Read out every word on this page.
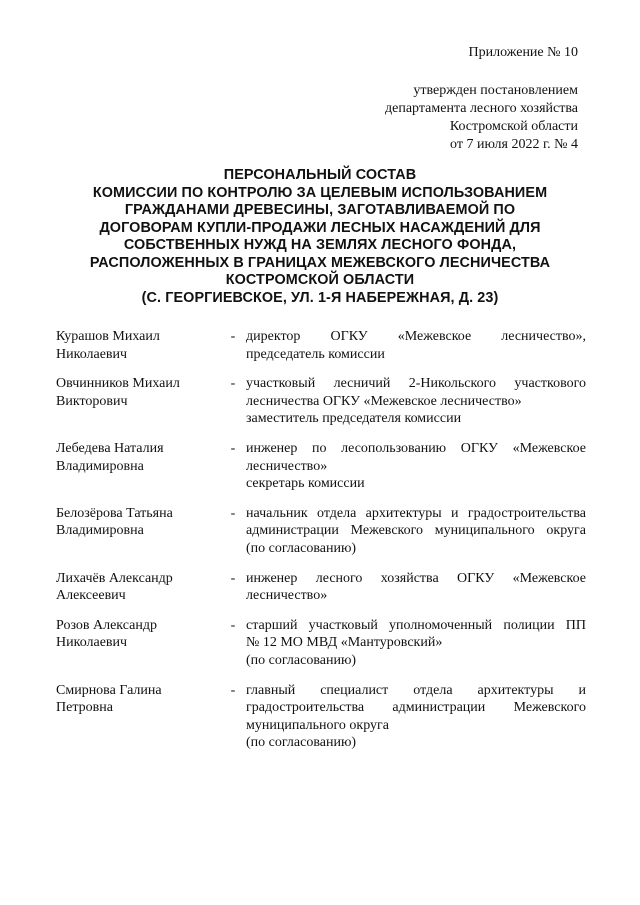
Приложение № 10
утвержден постановлением
департамента лесного хозяйства
Костромской области
от 7 июля 2022 г. № 4
ПЕРСОНАЛЬНЫЙ СОСТАВ
КОМИССИИ ПО КОНТРОЛЮ ЗА ЦЕЛЕВЫМ ИСПОЛЬЗОВАНИЕМ
ГРАЖДАНАМИ ДРЕВЕСИНЫ, ЗАГОТАВЛИВАЕМОЙ ПО
ДОГОВОРАМ КУПЛИ-ПРОДАЖИ ЛЕСНЫХ НАСАЖДЕНИЙ ДЛЯ
СОБСТВЕННЫХ НУЖД НА ЗЕМЛЯХ ЛЕСНОГО ФОНДА,
РАСПОЛОЖЕННЫХ В ГРАНИЦАХ МЕЖЕВСКОГО ЛЕСНИЧЕСТВА
КОСТРОМСКОЙ ОБЛАСТИ
(С. ГЕОРГИЕВСКОЕ, УЛ. 1-Я НАБЕРЕЖНАЯ, Д. 23)
Курашов Михаил
Николаевич
- директор ОГКУ «Межевское лесничество»,
председатель комиссии
Овчинников Михаил
Викторович
- участковый лесничий 2-Никольского участкового
лесничества ОГКУ «Межевское лесничество»
заместитель председателя комиссии
Лебедева Наталия
Владимировна
- инженер по лесопользованию ОГКУ «Межевское
лесничество»
секретарь комиссии
Белозёрова Татьяна
Владимировна
- начальник отдела архитектуры и градостроительства
администрации Межевского муниципального округа
(по согласованию)
Лихачёв Александр
Алексеевич
- инженер лесного хозяйства ОГКУ «Межевское
лесничество»
Розов Александр
Николаевич
- старший участковый уполномоченный полиции ПП
№ 12 МО МВД «Мантуровский»
(по согласованию)
Смирнова Галина
Петровна
- главный специалист отдела архитектуры и
градостроительства администрации Межевского
муниципального округа
(по согласованию)
